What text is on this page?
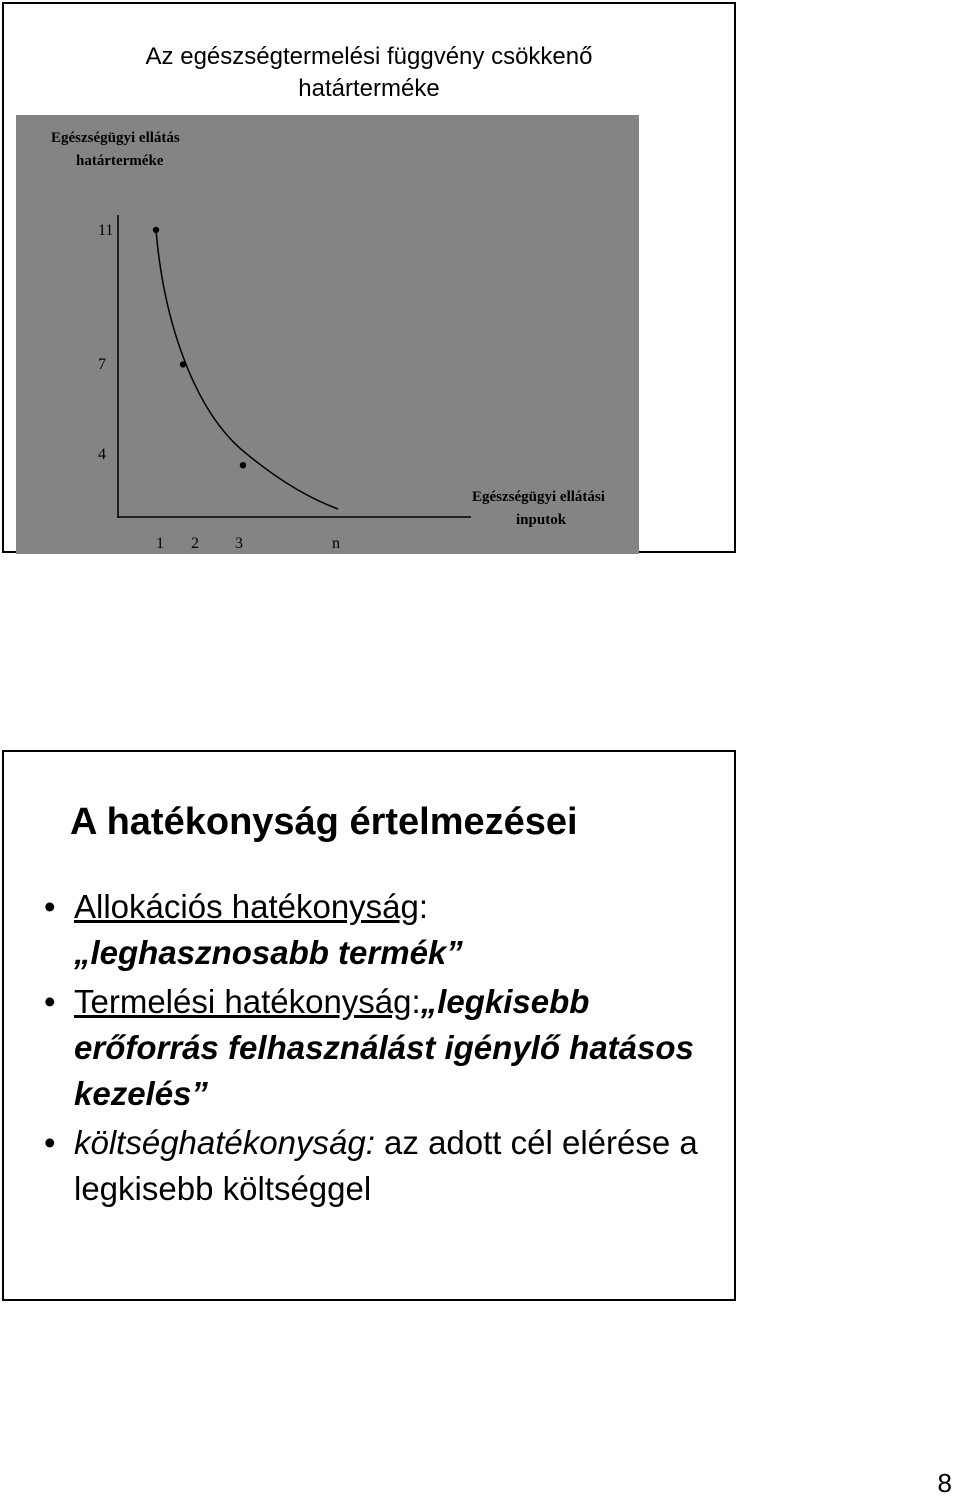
Az egészségtermelési függvény csökkenő
határterméke
Egészségügyi ellátás
határterméke
11
7
4
1 2 3	n
Egészségügyi ellátási
inputok
A hatékonyság értelmezései
• Allokációs hatékonyság:
„leghasznosabb termék”
• Termelési hatékonyság:„legkisebb erőforrás felhasználást igénylő hatásos kezelés”
• költséghatékonyság: az adott cél elérése a legkisebb költséggel
8
